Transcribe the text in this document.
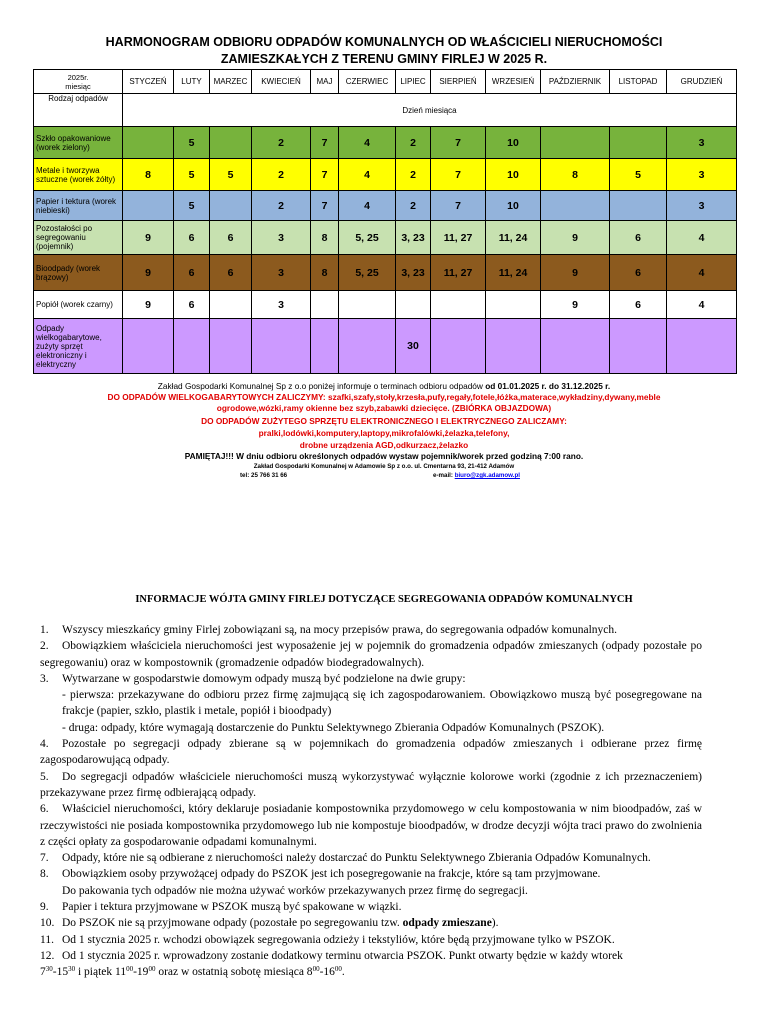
HARMONOGRAM ODBIORU ODPADÓW KOMUNALNYCH OD WŁAŚCICIELI NIERUCHOMOŚCI
ZAMIESZKAŁYCH Z TERENU GMINY FIRLEJ W 2025 R.
2025r.
miesiąc	STYCZEŃ	LUTY	MARZEC	KWIECIEŃ	MAJ	CZERWIEC	LIPIEC	SIERPIEŃ	WRZESIEŃ	PAŹDZIERNIK	LISTOPAD	GRUDZIEŃ
Rodzaj odpadów	Dzień miesiąca											
Szkło opakowaniowe (worek zielony)		5		2	7	4	2	7	10			3
Metale i tworzywa sztuczne (worek żółty)	8	5	5	2	7	4	2	7	10	8	5	3
Papier i tektura (worek niebieski)		5		2	7	4	2	7	10			3
Pozostałości po segregowaniu (pojemnik)	9	6	6	3	8	5, 25	3, 23	11, 27	11, 24	9	6	4
Bioodpady (worek brązowy)	9	6	6	3	8	5, 25	3, 23	11, 27	11, 24	9	6	4
Popiół (worek czarny)	9	6		3						9	6	4
Odpady wielkogabarytowe, zużyty sprzęt elektroniczny i elektryczny							30					
Zakład Gospodarki Komunalnej Sp z o.o poniżej informuje o terminach odbioru odpadów od 01.01.2025 r. do 31.12.2025 r.
DO ODPADÓW WIELKOGABARYTOWYCH ZALICZYMY: szafki,szafy,stoły,krzesła,pufy,regały,fotele,łóżka,materace,wykładziny,dywany,meble ogrodowe,wózki,ramy okienne bez szyb,zabawki dziecięce. (ZBIÓRKA OBJAZDOWA)
DO ODPADÓW ZUŻYTEGO SPRZĘTU ELEKTRONICZNEGO I ELEKTRYCZNEGO ZALICZAMY:
pralki,lodówki,komputery,laptopy,mikrofalówki,żelazka,telefony,
drobne urządzenia AGD,odkurzacz,żelazko
PAMIĘTAJ!!! W dniu odbioru określonych odpadów wystaw pojemnik/worek przed godziną 7:00 rano.
Zakład Gospodarki Komunalnej w Adamowie Sp z o.o. ul. Cmentarna 93, 21-412 Adamów
tel: 25 766 31 66	e-mail: biuro@zgk.adamow.pl
INFORMACJE WÓJTA GMINY FIRLEJ DOTYCZĄCE SEGREGOWANIA ODPADÓW KOMUNALNYCH
1. Wszyscy mieszkańcy gminy Firlej zobowiązani są, na mocy przepisów prawa, do segregowania odpadów komunalnych.
2. Obowiązkiem właściciela nieruchomości jest wyposażenie jej w pojemnik do gromadzenia odpadów zmieszanych (odpady pozostałe po segregowaniu) oraz w kompostownik (gromadzenie odpadów biodegradowalnych).
3. Wytwarzane w gospodarstwie domowym odpady muszą być podzielone na dwie grupy:
- pierwsza: przekazywane do odbioru przez firmę zajmującą się ich zagospodarowaniem. Obowiązkowo muszą być posegregowane na frakcje (papier, szkło, plastik i metale, popiół i bioodpady)
- druga: odpady, które wymagają dostarczenie do Punktu Selektywnego Zbierania Odpadów Komunalnych (PSZOK).
4. Pozostałe po segregacji odpady zbierane są w pojemnikach do gromadzenia odpadów zmieszanych i odbierane przez firmę zagospodarowującą odpady.
5. Do segregacji odpadów właściciele nieruchomości muszą wykorzystywać wyłącznie kolorowe worki (zgodnie z ich przeznaczeniem) przekazywane przez firmę odbierającą odpady.
6. Właściciel nieruchomości, który deklaruje posiadanie kompostownika przydomowego w celu kompostowania w nim bioodpadów, zaś w rzeczywistości nie posiada kompostownika przydomowego lub nie kompostuje bioodpadów, w drodze decyzji wójta traci prawo do zwolnienia z części opłaty za gospodarowanie odpadami komunalnymi.
7. Odpady, które nie są odbierane z nieruchomości należy dostarczać do Punktu Selektywnego Zbierania Odpadów Komunalnych.
8. Obowiązkiem osoby przywożącej odpady do PSZOK jest ich posegregowanie na frakcje, które są tam przyjmowane.
Do pakowania tych odpadów nie można używać worków przekazywanych przez firmę do segregacji.
9. Papier i tektura przyjmowane w PSZOK muszą być spakowane w wiązki.
10. Do PSZOK nie są przyjmowane odpady (pozostałe po segregowaniu tzw. odpady zmieszane).
11. Od 1 stycznia 2025 r. wchodzi obowiązek segregowania odzieży i tekstyliów, które będą przyjmowane tylko w PSZOK.
12. Od 1 stycznia 2025 r. wprowadzony zostanie dodatkowy terminu otwarcia PSZOK. Punkt otwarty będzie w każdy wtorek
$7^{30}-15^{30}$ i piątek $11^{00}-19^{00}$ oraz w ostatnią sobotę miesiąca $8^{00}-16^{00}$.
